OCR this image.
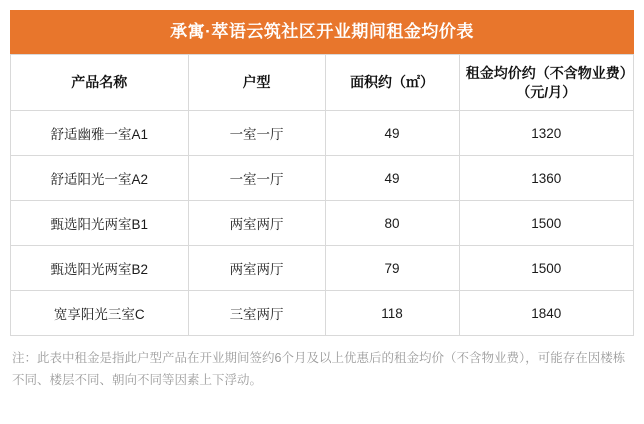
承寓·萃语云筑社区开业期间租金均价表
产品名称	户型	面积约（㎡）	租金均价约（不含物业费）（元/月）
舒适幽雅一室A1	一室一厅	49	1320
舒适阳光一室A2	一室一厅	49	1360
甄选阳光两室B1	两室两厅	80	1500
甄选阳光两室B2	两室两厅	79	1500
宽享阳光三室C	三室两厅	118	1840
注：此表中租金是指此户型产品在开业期间签约6个月及以上优惠后的租金均价（不含物业费），可能存在因楼栋不同、楼层不同、朝向不同等因素上下浮动。
